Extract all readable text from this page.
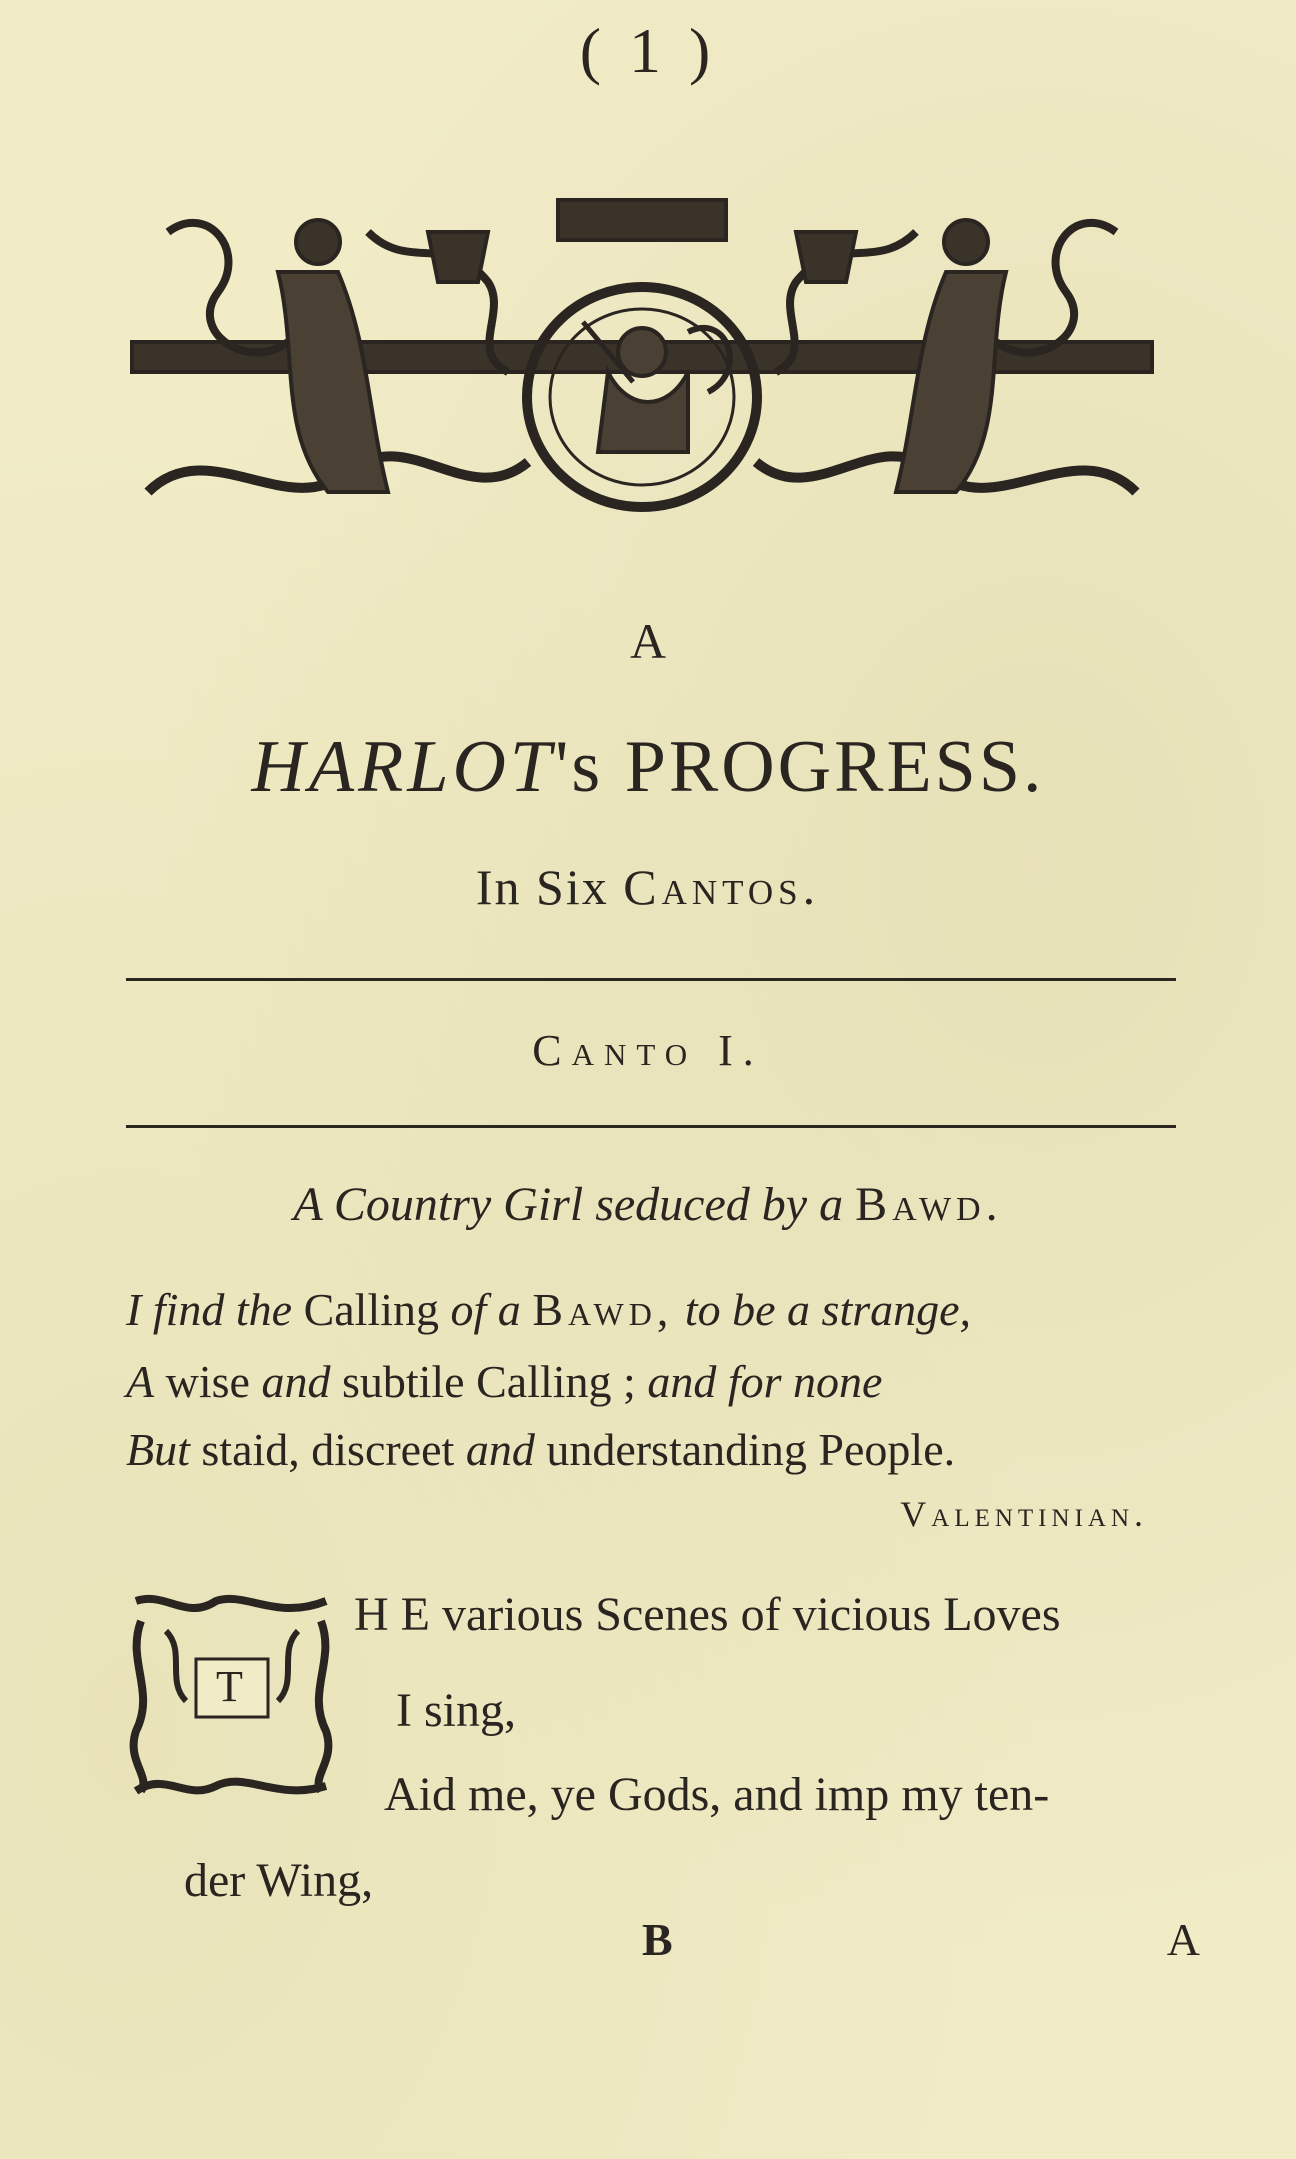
( 1 )
A
HARLOT's PROGRESS.
In Six Cantos.
Canto I.
A Country Girl seduced by a Bawd.
I find the Calling of a Bawd, to be a strange,
A wise and subtile Calling ; and for none
But staid, discreet and understanding People.
Valentinian.
T
H E various Scenes of vicious Loves
I sing,
Aid me, ye Gods, and imp my ten-
der Wing,
B	A
